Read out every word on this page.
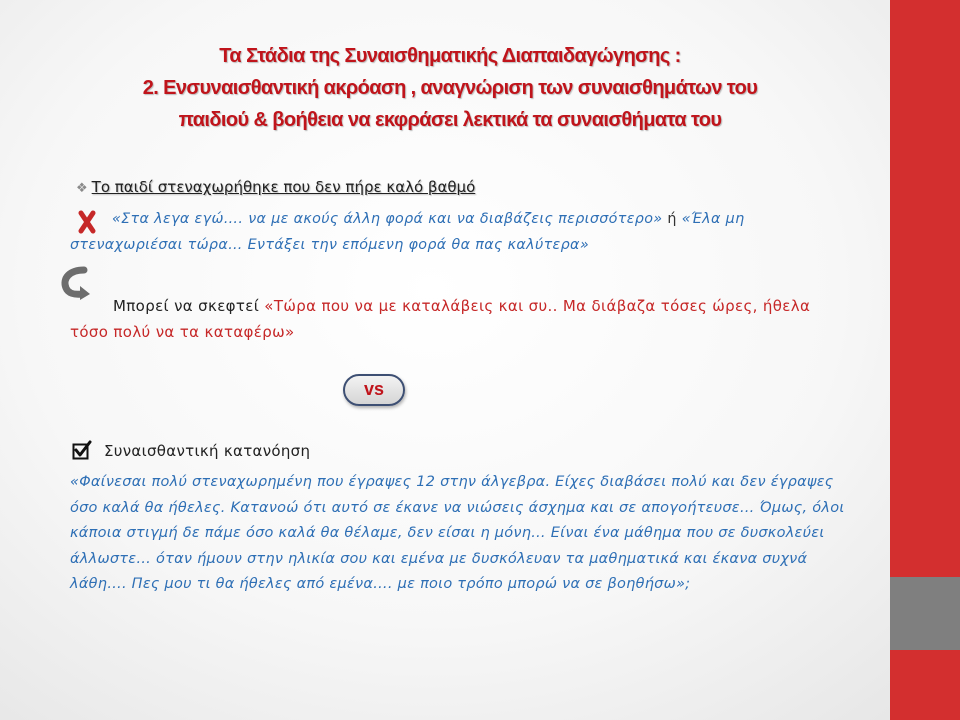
Τα Στάδια της Συναισθηματικής Διαπαιδαγώγησης :
2. Ενσυναισθαντική ακρόαση , αναγνώριση των συναισθημάτων του
παιδιού & βοήθεια να εκφράσει λεκτικά τα συναισθήματα του
❖ Το παιδί στεναχωρήθηκε που δεν πήρε καλό βαθμό
«Στα λεγα εγώ…. να με ακούς άλλη φορά και να διαβάζεις περισσότερο» ή «Έλα μη στεναχωριέσαι τώρα… Εντάξει την επόμενη φορά θα πας καλύτερα»
Μπορεί να σκεφτεί «Τώρα που να με καταλάβεις και συ.. Μα διάβαζα τόσες ώρες, ήθελα τόσο πολύ να τα καταφέρω»
vs
Συναισθαντική κατανόηση
«Φαίνεσαι πολύ στεναχωρημένη που έγραψες 12 στην άλγεβρα. Είχες διαβάσει πολύ και δεν έγραψες όσο καλά θα ήθελες. Κατανοώ ότι αυτό σε έκανε να νιώσεις άσχημα και σε απογοήτευσε… Όμως, όλοι κάποια στιγμή δε πάμε όσο καλά θα θέλαμε, δεν είσαι η μόνη… Είναι ένα μάθημα που σε δυσκολεύει άλλωστε… όταν ήμουν στην ηλικία σου και εμένα με δυσκόλευαν τα μαθηματικά και έκανα συχνά λάθη…. Πες μου τι θα ήθελες από εμένα…. με ποιο τρόπο μπορώ να σε βοηθήσω»;
